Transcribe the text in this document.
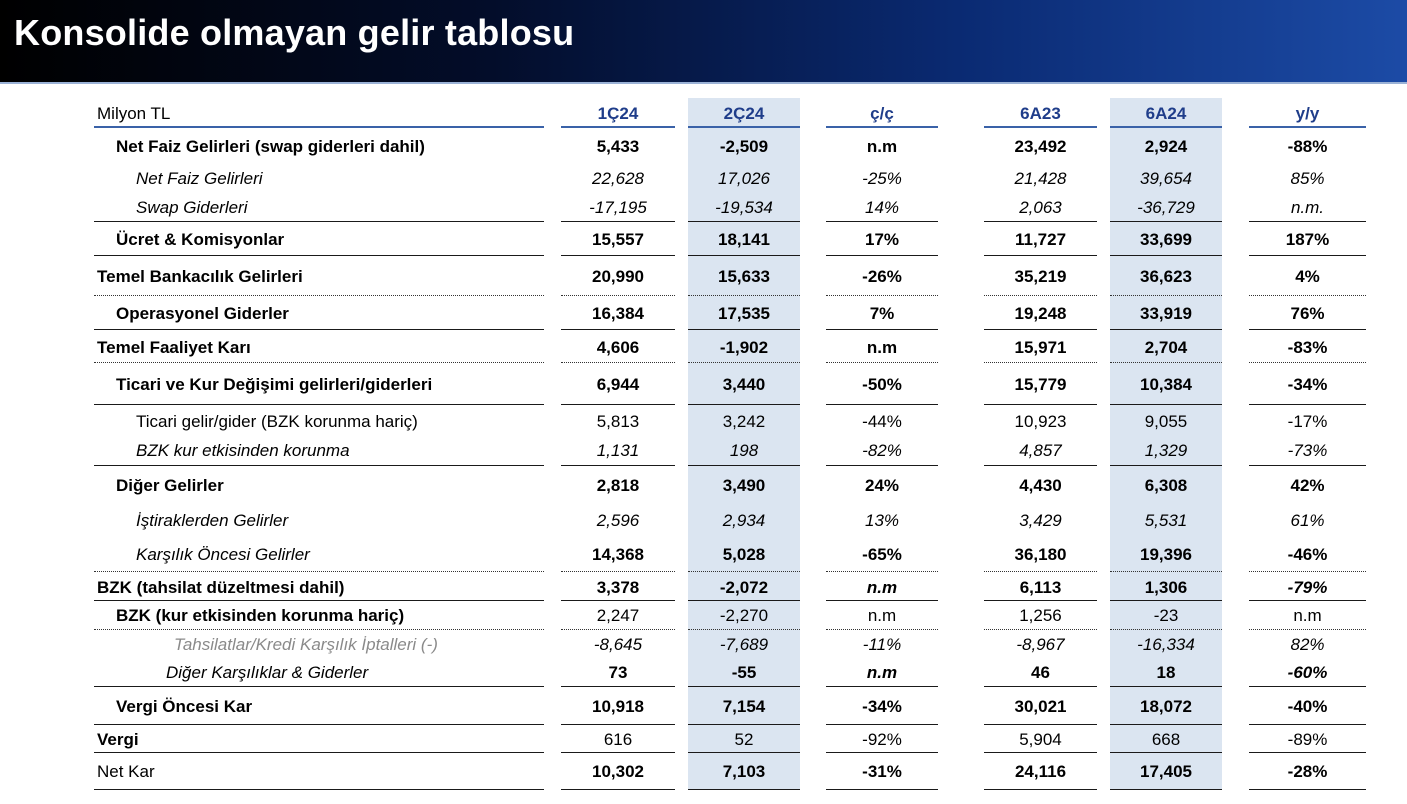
Konsolide olmayan gelir tablosu
Milyon TL	1Ç24	2Ç24	ç/ç	6A23	6A24	y/y
Net Faiz Gelirleri (swap giderleri dahil)	5,433	-2,509	n.m	23,492	2,924	-88%
Net Faiz Gelirleri	22,628	17,026	-25%	21,428	39,654	85%
Swap Giderleri	-17,195	-19,534	14%	2,063	-36,729	n.m.
Ücret & Komisyonlar	15,557	18,141	17%	11,727	33,699	187%
Temel Bankacılık Gelirleri	20,990	15,633	-26%	35,219	36,623	4%
Operasyonel Giderler	16,384	17,535	7%	19,248	33,919	76%
Temel Faaliyet Karı	4,606	-1,902	n.m	15,971	2,704	-83%
Ticari ve Kur Değişimi gelirleri/giderleri	6,944	3,440	-50%	15,779	10,384	-34%
Ticari gelir/gider (BZK korunma hariç)	5,813	3,242	-44%	10,923	9,055	-17%
BZK kur etkisinden korunma	1,131	198	-82%	4,857	1,329	-73%
Diğer Gelirler	2,818	3,490	24%	4,430	6,308	42%
İştiraklerden Gelirler	2,596	2,934	13%	3,429	5,531	61%
Karşılık Öncesi Gelirler	14,368	5,028	-65%	36,180	19,396	-46%
BZK (tahsilat düzeltmesi dahil)	3,378	-2,072	n.m	6,113	1,306	-79%
BZK (kur etkisinden korunma hariç)	2,247	-2,270	n.m	1,256	-23	n.m
Tahsilatlar/Kredi Karşılık İptalleri (-)	-8,645	-7,689	-11%	-8,967	-16,334	82%
Diğer Karşılıklar & Giderler	73	-55	n.m	46	18	-60%
Vergi Öncesi Kar	10,918	7,154	-34%	30,021	18,072	-40%
Vergi	616	52	-92%	5,904	668	-89%
Net Kar	10,302	7,103	-31%	24,116	17,405	-28%
